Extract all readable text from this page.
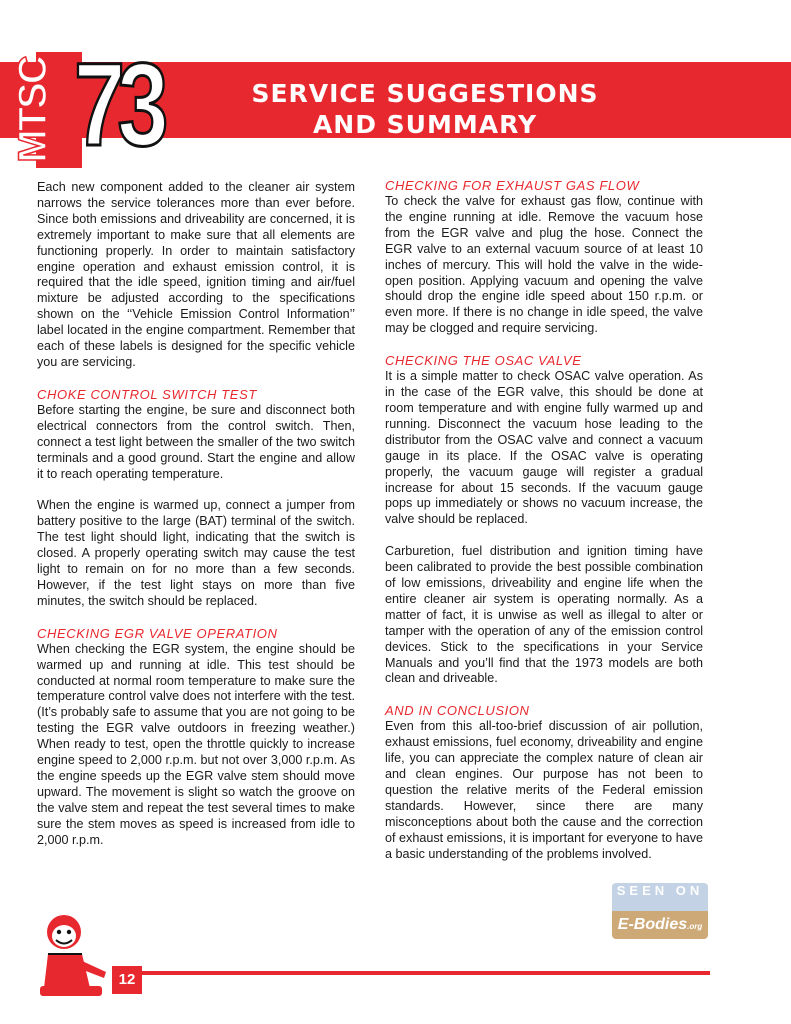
MTSC 73	SERVICE SUGGESTIONS
AND SUMMARY

Each new component added to the cleaner air system narrows the service tolerances more than ever before. Since both emissions and driveability are concerned, it is extremely important to make sure that all elements are functioning properly. In order to maintain satisfactory engine operation and exhaust emission control, it is required that the idle speed, ignition timing and air/fuel mixture be adjusted according to the specifications shown on the ‘‘Vehicle Emission Control Information’’ label located in the engine compartment. Remember that each of these labels is designed for the specific vehicle you are servicing.

CHOKE CONTROL SWITCH TEST

Before starting the engine, be sure and disconnect both electrical connectors from the control switch. Then, connect a test light between the smaller of the two switch terminals and a good ground. Start the engine and allow it to reach operating temperature.

When the engine is warmed up, connect a jumper from battery positive to the large (BAT) terminal of the switch. The test light should light, indicating that the switch is closed. A properly operating switch may cause the test light to remain on for no more than a few seconds. However, if the test light stays on more than five minutes, the switch should be replaced.

CHECKING EGR VALVE OPERATION

When checking the EGR system, the engine should be warmed up and running at idle. This test should be conducted at normal room temperature to make sure the temperature control valve does not interfere with the test. (It’s probably safe to assume that you are not going to be testing the EGR valve outdoors in freezing weather.) When ready to test, open the throttle quickly to increase engine speed to 2,000 r.p.m. but not over 3,000 r.p.m. As the engine speeds up the EGR valve stem should move upward. The movement is slight so watch the groove on the valve stem and repeat the test several times to make sure the stem moves as speed is increased from idle to 2,000 r.p.m.

CHECKING FOR EXHAUST GAS FLOW

To check the valve for exhaust gas flow, continue with the engine running at idle. Remove the vacuum hose from the EGR valve and plug the hose. Connect the EGR valve to an external vacuum source of at least 10 inches of mercury. This will hold the valve in the wide-open position. Applying vacuum and opening the valve should drop the engine idle speed about 150 r.p.m. or even more. If there is no change in idle speed, the valve may be clogged and require servicing.

CHECKING THE OSAC VALVE

It is a simple matter to check OSAC valve operation. As in the case of the EGR valve, this should be done at room temperature and with engine fully warmed up and running. Disconnect the vacuum hose leading to the distributor from the OSAC valve and connect a vacuum gauge in its place. If the OSAC valve is operating properly, the vacuum gauge will register a gradual increase for about 15 seconds. If the vacuum gauge pops up immediately or shows no vacuum increase, the valve should be replaced.

Carburetion, fuel distribution and ignition timing have been calibrated to provide the best possible combination of low emissions, driveability and engine life when the entire cleaner air system is operating normally. As a matter of fact, it is unwise as well as illegal to alter or tamper with the operation of any of the emission control devices. Stick to the specifications in your Service Manuals and you’ll find that the 1973 models are both clean and driveable.

AND IN CONCLUSION

Even from this all-too-brief discussion of air pollution, exhaust emissions, fuel economy, driveability and engine life, you can appreciate the complex nature of clean air and clean engines. Our purpose has not been to question the relative merits of the Federal emission standards. However, since there are many misconceptions about both the cause and the correction of exhaust emissions, it is important for everyone to have a basic understanding of the problems involved.

12
SEEN ON
E-Bodies.org
